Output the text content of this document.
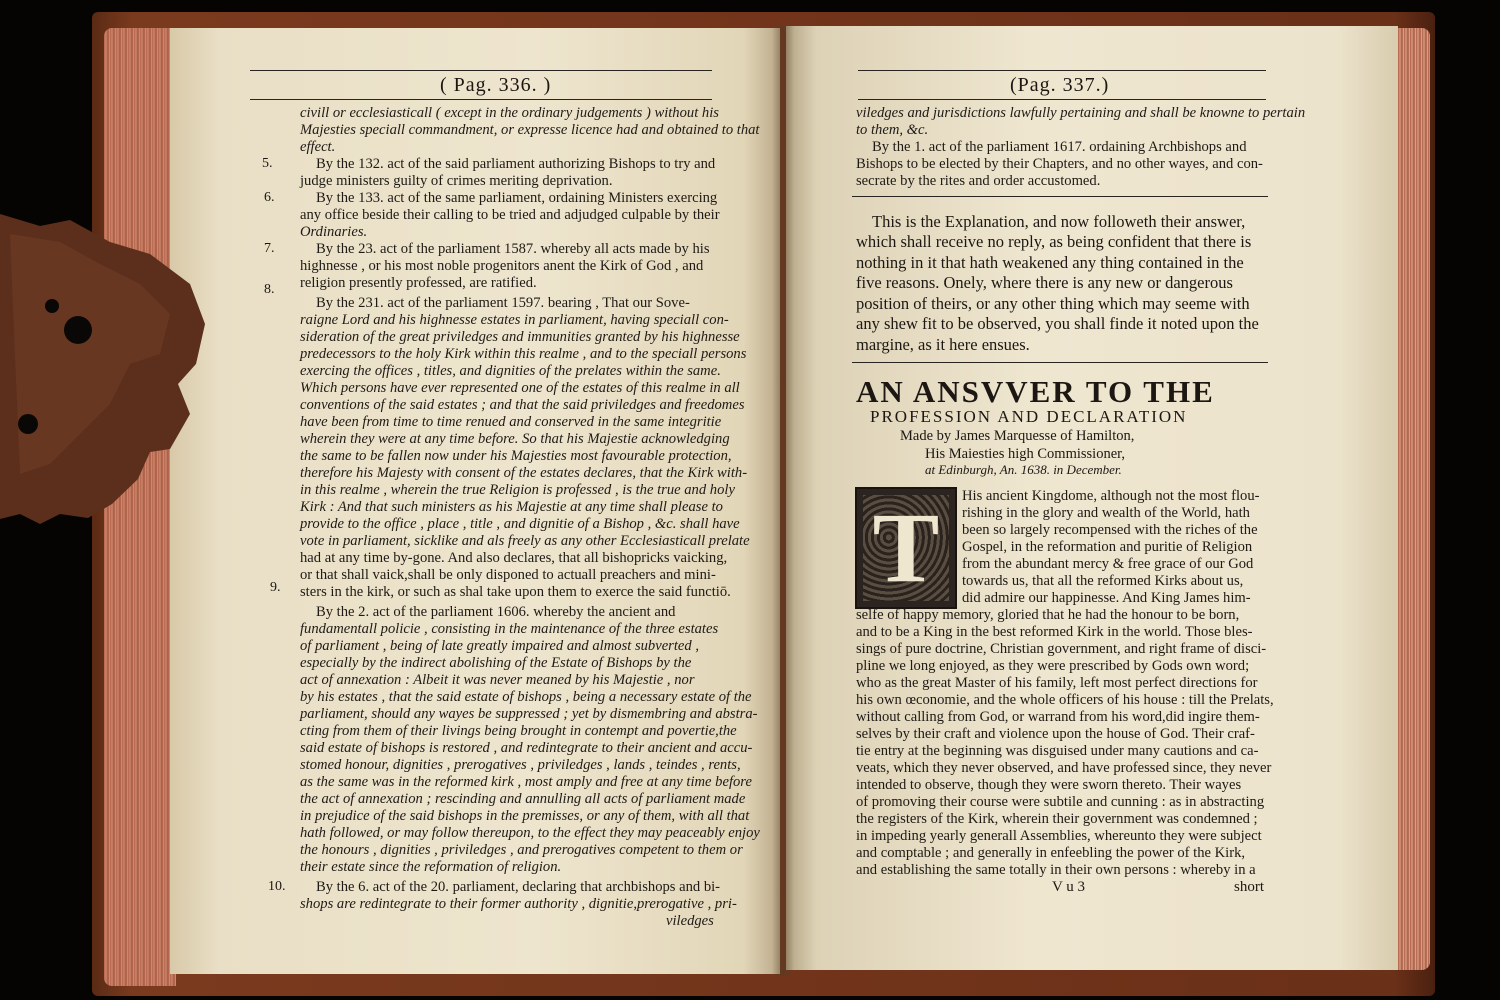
( Pag. 336. )
civill or ecclesiasticall ( except in the ordinary judgements ) without his
Majesties speciall commandment, or expresse licence had and obtained to that
effect.
By the 132. act of the said parliament authorizing Bishops to try and
judge ministers guilty of crimes meriting deprivation.
By the 133. act of the same parliament, ordaining Ministers exercing
any office beside their calling to be tried and adjudged culpable by their
Ordinaries.
By the 23. act of the parliament 1587. whereby all acts made by his
highnesse , or his most noble progenitors anent the Kirk of God , and
religion presently professed, are ratified.
By the 231. act of the parliament 1597. bearing , That our Sove-
raigne Lord and his highnesse estates in parliament, having speciall con-
sideration of the great priviledges and immunities granted by his highnesse
predecessors to the holy Kirk within this realme , and to the speciall persons
exercing the offices , titles, and dignities of the prelates within the same.
Which persons have ever represented one of the estates of this realme in all
conventions of the said estates ; and that the said priviledges and freedomes
have been from time to time renued and conserved in the same integritie
wherein they were at any time before. So that his Majestie acknowledging
the same to be fallen now under his Majesties most favourable protection,
therefore his Majesty with consent of the estates declares, that the Kirk with-
in this realme , wherein the true Religion is professed , is the true and holy
Kirk : And that such ministers as his Majestie at any time shall please to
provide to the office , place , title , and dignitie of a Bishop , &c. shall have
vote in parliament, sicklike and als freely as any other Ecclesiasticall prelate
had at any time by-gone. And also declares, that all bishopricks vaicking,
or that shall vaick,shall be only disponed to actuall preachers and mini-
sters in the kirk, or such as shal take upon them to exerce the said functiō.
By the 2. act of the parliament 1606. whereby the ancient and
fundamentall policie , consisting in the maintenance of the three estates
of parliament , being of late greatly impaired and almost subverted ,
especially by the indirect abolishing of the Estate of Bishops by the
act of annexation : Albeit it was never meaned by his Majestie , nor
by his estates , that the said estate of bishops , being a necessary estate of the
parliament, should any wayes be suppressed ; yet by dismembring and abstra-
cting from them of their livings being brought in contempt and povertie,the
said estate of bishops is restored , and redintegrate to their ancient and accu-
stomed honour, dignities , prerogatives , priviledges , lands , teindes , rents,
as the same was in the reformed kirk , most amply and free at any time before
the act of annexation ; rescinding and annulling all acts of parliament made
in prejudice of the said bishops in the premisses, or any of them, with all that
hath followed, or may follow thereupon, to the effect they may peaceably enjoy
the honours , dignities , priviledges , and prerogatives competent to them or
their estate since the reformation of religion.
By the 6. act of the 20. parliament, declaring that archbishops and bi-
shops are redintegrate to their former authority , dignitie,prerogative , pri-
viledges
5.
6.
7.
8.
9.
10.
(Pag. 337.)
viledges and jurisdictions lawfully pertaining and shall be knowne to pertain
to them, &c.
By the 1. act of the parliament 1617. ordaining Archbishops and
Bishops to be elected by their Chapters, and no other wayes, and con-
secrate by the rites and order accustomed.
This is the Explanation, and now followeth their answer,
which shall receive no reply, as being confident that there is
nothing in it that hath weakened any thing contained in the
five reasons. Onely, where there is any new or dangerous
position of theirs, or any other thing which may seeme with
any shew fit to be observed, you shall finde it noted upon the
margine, as it here ensues.
AN ANSVVER TO THE
PROFESSION AND DECLARATION
Made by James Marquesse of Hamilton,
His Maiesties high Commissioner,
at Edinburgh, An. 1638. in December.
T	His ancient Kingdome, although not the most flou-
rishing in the glory and wealth of the World, hath
been so largely recompensed with the riches of the
Gospel, in the reformation and puritie of Religion
from the abundant mercy & free grace of our God
towards us, that all the reformed Kirks about us,
did admire our happinesse. And King James him-
selfe of happy memory, gloried that he had the honour to be born,
and to be a King in the best reformed Kirk in the world. Those bles-
sings of pure doctrine, Christian government, and right frame of disci-
pline we long enjoyed, as they were prescribed by Gods own word;
who as the great Master of his family, left most perfect directions for
his own œconomie, and the whole officers of his house : till the Prelats,
without calling from God, or warrand from his word,did ingire them-
selves by their craft and violence upon the house of God. Their craf-
tie entry at the beginning was disguised under many cautions and ca-
veats, which they never observed, and have professed since, they never
intended to observe, though they were sworn thereto. Their wayes
of promoving their course were subtile and cunning : as in abstracting
the registers of the Kirk, wherein their government was condemned ;
in impeding yearly generall Assemblies, whereunto they were subject
and comptable ; and generally in enfeebling the power of the Kirk,
and establishing the same totally in their own persons : whereby in a
V u 3	short
